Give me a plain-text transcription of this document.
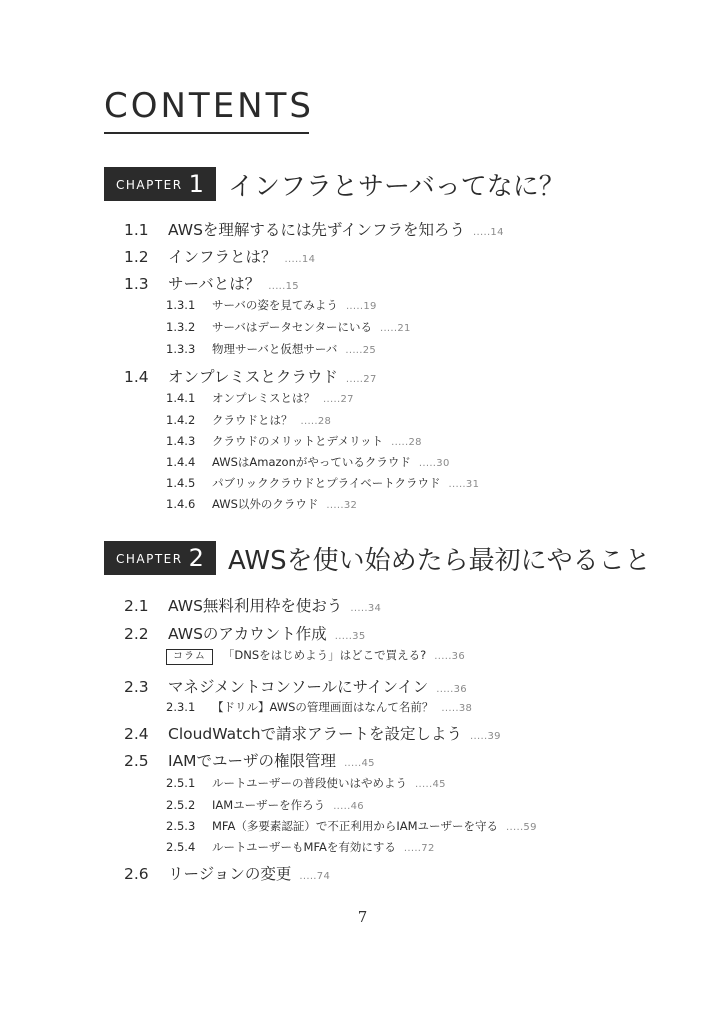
CONTENTS
CHAPTER 1 インフラとサーバってなに？
1.1 AWSを理解するには先ずインフラを知ろう .....14
1.2 インフラとは？ .....14
1.3 サーバとは？ .....15
1.3.1 サーバの姿を見てみよう .....19
1.3.2 サーバはデータセンターにいる .....21
1.3.3 物理サーバと仮想サーバ .....25
1.4 オンプレミスとクラウド .....27
1.4.1 オンプレミスとは？ .....27
1.4.2 クラウドとは？ .....28
1.4.3 クラウドのメリットとデメリット .....28
1.4.4 AWSはAmazonがやっているクラウド .....30
1.4.5 パブリッククラウドとプライベートクラウド .....31
1.4.6 AWS以外のクラウド .....32
CHAPTER 2 AWSを使い始めたら最初にやること
2.1 AWS無料利用枠を使おう .....34
2.2 AWSのアカウント作成 .....35
コラム 「DNSをはじめよう」はどこで買える? .....36
2.3 マネジメントコンソールにサインイン .....36
2.3.1 【ドリル】AWSの管理画面はなんて名前？ .....38
2.4 CloudWatchで請求アラートを設定しよう .....39
2.5 IAMでユーザの権限管理 .....45
2.5.1 ルートユーザーの普段使いはやめよう .....45
2.5.2 IAMユーザーを作ろう .....46
2.5.3 MFA（多要素認証）で不正利用からIAMユーザーを守る .....59
2.5.4 ルートユーザーもMFAを有効にする .....72
2.6 リージョンの変更 .....74
7
